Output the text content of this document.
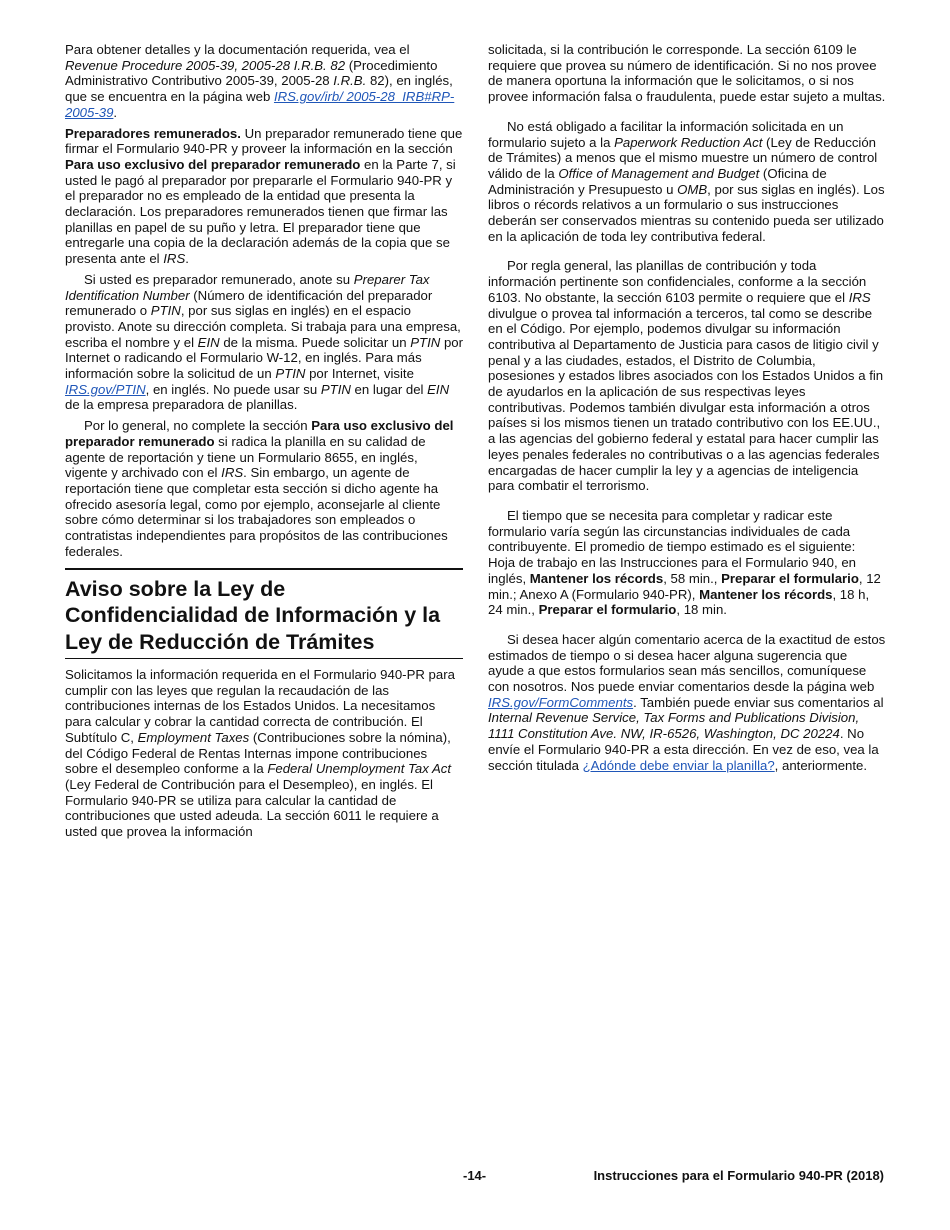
Para obtener detalles y la documentación requerida, vea el Revenue Procedure 2005-39, 2005-28 I.R.B. 82 (Procedimiento Administrativo Contributivo 2005-39, 2005-28 I.R.B. 82), en inglés, que se encuentra en la página web IRS.gov/irb/ 2005-28_IRB#RP-2005-39.

Preparadores remunerados. Un preparador remunerado tiene que firmar el Formulario 940-PR y proveer la información en la sección Para uso exclusivo del preparador remunerado en la Parte 7, si usted le pagó al preparador por prepararle el Formulario 940-PR y el preparador no es empleado de la entidad que presenta la declaración. Los preparadores remunerados tienen que firmar las planillas en papel de su puño y letra. El preparador tiene que entregarle una copia de la declaración además de la copia que se presenta ante el IRS.

Si usted es preparador remunerado, anote su Preparer Tax Identification Number (Número de identificación del preparador remunerado o PTIN, por sus siglas en inglés) en el espacio provisto. Anote su dirección completa. Si trabaja para una empresa, escriba el nombre y el EIN de la misma. Puede solicitar un PTIN por Internet o radicando el Formulario W-12, en inglés. Para más información sobre la solicitud de un PTIN por Internet, visite IRS.gov/PTIN, en inglés. No puede usar su PTIN en lugar del EIN de la empresa preparadora de planillas.

Por lo general, no complete la sección Para uso exclusivo del preparador remunerado si radica la planilla en su calidad de agente de reportación y tiene un Formulario 8655, en inglés, vigente y archivado con el IRS. Sin embargo, un agente de reportación tiene que completar esta sección si dicho agente ha ofrecido asesoría legal, como por ejemplo, aconsejarle al cliente sobre cómo determinar si los trabajadores son empleados o contratistas independientes para propósitos de las contribuciones federales.

Aviso sobre la Ley de Confidencialidad de Información y la Ley de Reducción de Trámites

Solicitamos la información requerida en el Formulario 940-PR para cumplir con las leyes que regulan la recaudación de las contribuciones internas de los Estados Unidos. La necesitamos para calcular y cobrar la cantidad correcta de contribución. El Subtítulo C, Employment Taxes (Contribuciones sobre la nómina), del Código Federal de Rentas Internas impone contribuciones sobre el desempleo conforme a la Federal Unemployment Tax Act (Ley Federal de Contribución para el Desempleo), en inglés. El Formulario 940-PR se utiliza para calcular la cantidad de contribuciones que usted adeuda. La sección 6011 le requiere a usted que provea la información

solicitada, si la contribución le corresponde. La sección 6109 le requiere que provea su número de identificación. Si no nos provee de manera oportuna la información que le solicitamos, o si nos provee información falsa o fraudulenta, puede estar sujeto a multas.

No está obligado a facilitar la información solicitada en un formulario sujeto a la Paperwork Reduction Act (Ley de Reducción de Trámites) a menos que el mismo muestre un número de control válido de la Office of Management and Budget (Oficina de Administración y Presupuesto u OMB, por sus siglas en inglés). Los libros o récords relativos a un formulario o sus instrucciones deberán ser conservados mientras su contenido pueda ser utilizado en la aplicación de toda ley contributiva federal.

Por regla general, las planillas de contribución y toda información pertinente son confidenciales, conforme a la sección 6103. No obstante, la sección 6103 permite o requiere que el IRS divulgue o provea tal información a terceros, tal como se describe en el Código. Por ejemplo, podemos divulgar su información contributiva al Departamento de Justicia para casos de litigio civil y penal y a las ciudades, estados, el Distrito de Columbia, posesiones y estados libres asociados con los Estados Unidos a fin de ayudarlos en la aplicación de sus respectivas leyes contributivas. Podemos también divulgar esta información a otros países si los mismos tienen un tratado contributivo con los EE.UU., a las agencias del gobierno federal y estatal para hacer cumplir las leyes penales federales no contributivas o a las agencias federales encargadas de hacer cumplir la ley y a agencias de inteligencia para combatir el terrorismo.

El tiempo que se necesita para completar y radicar este formulario varía según las circunstancias individuales de cada contribuyente. El promedio de tiempo estimado es el siguiente: Hoja de trabajo en las Instrucciones para el Formulario 940, en inglés, Mantener los récords, 58 min., Preparar el formulario, 12 min.; Anexo A (Formulario 940-PR), Mantener los récords, 18 h, 24 min., Preparar el formulario, 18 min.

Si desea hacer algún comentario acerca de la exactitud de estos estimados de tiempo o si desea hacer alguna sugerencia que ayude a que estos formularios sean más sencillos, comuníquese con nosotros. Nos puede enviar comentarios desde la página web IRS.gov/FormComments. También puede enviar sus comentarios al Internal Revenue Service, Tax Forms and Publications Division, 1111 Constitution Ave. NW, IR-6526, Washington, DC 20224. No envíe el Formulario 940-PR a esta dirección. En vez de eso, vea la sección titulada ¿Adónde debe enviar la planilla?, anteriormente.

-14-	Instrucciones para el Formulario 940-PR (2018)
